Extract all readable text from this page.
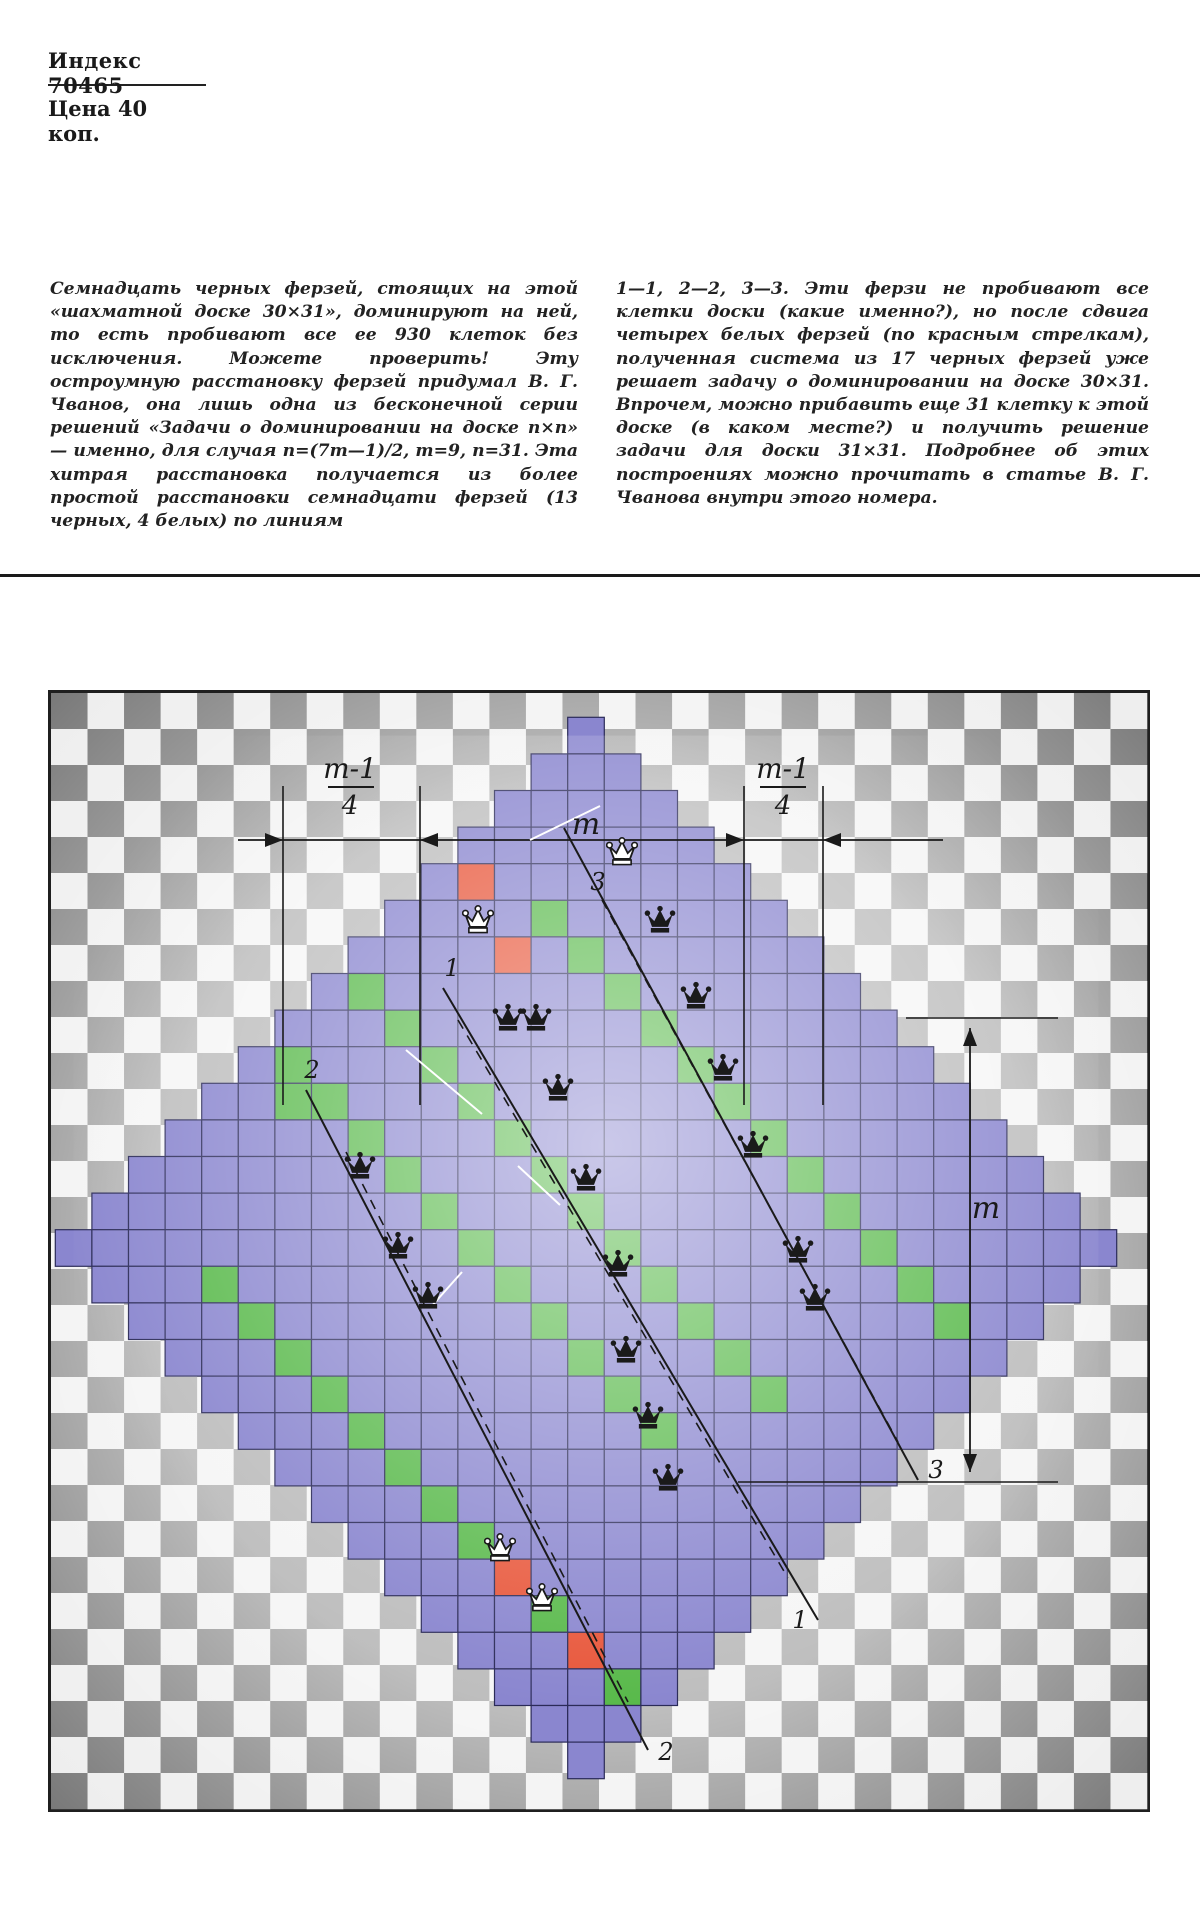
Индекс 70465
Цена 40 коп.
Семнадцать черных ферзей, стоящих на этой «шахматной доске 30×31», доминируют на ней, то есть пробивают все ее 930 клеток без исключения. Можете проверить! Эту остроумную расстановку ферзей придумал В. Г. Чванов, она лишь одна из бесконечной серии решений «Задачи о доминировании на доске n×n» — именно, для случая n=(7m—1)/2, m=9, n=31. Эта хитрая расстановка получается из более простой расстановки семнадцати ферзей (13 черных, 4 белых) по линиям
1—1, 2—2, 3—3. Эти ферзи не пробивают все клетки доски (какие именно?), но после сдвига четырех белых ферзей (по красным стрелкам), полученная система из 17 черных ферзей уже решает задачу о доминировании на доске 30×31. Впрочем, можно прибавить еще 31 клетку к этой доске (в каком месте?) и получить решение задачи для доски 31×31. Подробнее об этих построениях можно прочитать в статье В. Г. Чванова внутри этого номера.
m-1
4
m-1
4
m
m
1
1
2
2
3
3
